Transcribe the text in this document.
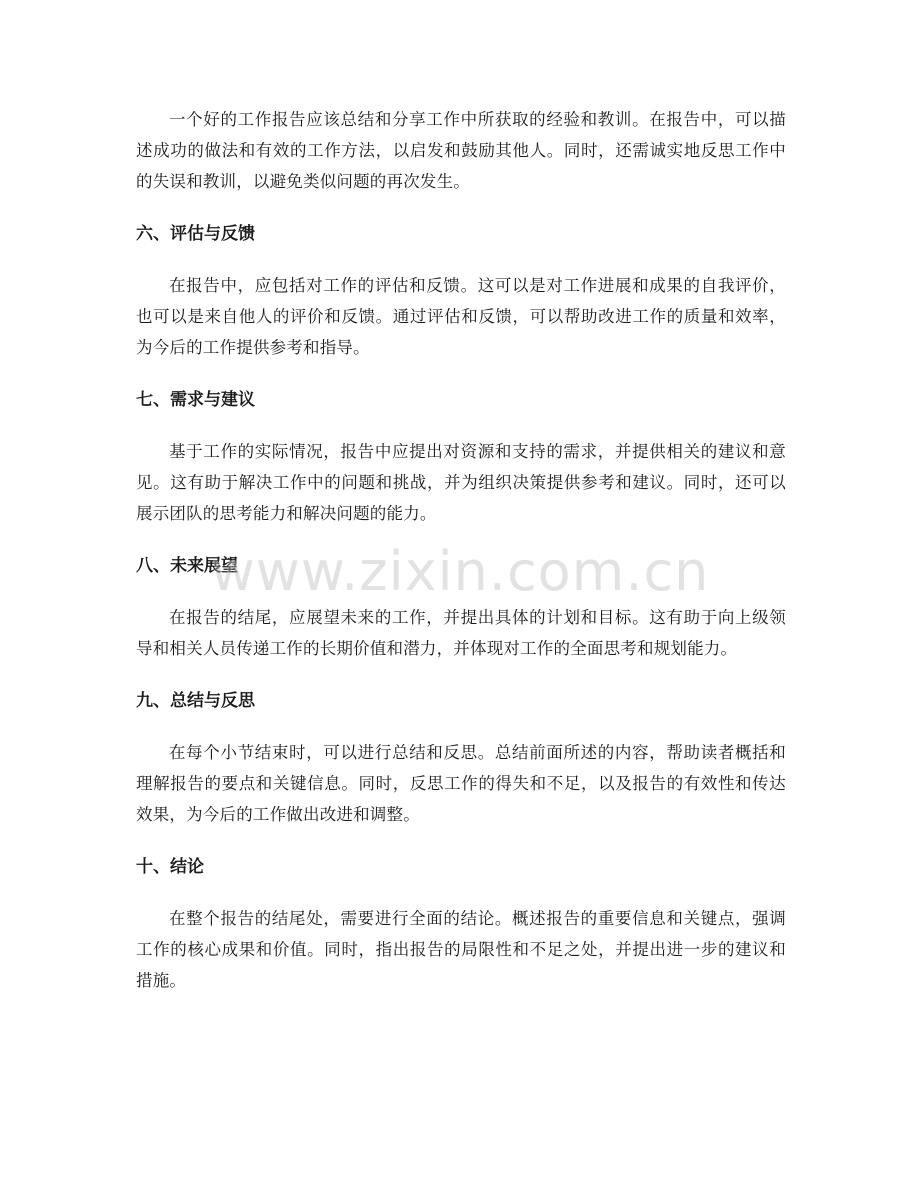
一个好的工作报告应该总结和分享工作中所获取的经验和教训。在报告中，可以描述成功的做法和有效的工作方法，以启发和鼓励其他人。同时，还需诚实地反思工作中的失误和教训，以避免类似问题的再次发生。

六、评估与反馈

在报告中，应包括对工作的评估和反馈。这可以是对工作进展和成果的自我评价，也可以是来自他人的评价和反馈。通过评估和反馈，可以帮助改进工作的质量和效率，为今后的工作提供参考和指导。

七、需求与建议

基于工作的实际情况，报告中应提出对资源和支持的需求，并提供相关的建议和意见。这有助于解决工作中的问题和挑战，并为组织决策提供参考和建议。同时，还可以展示团队的思考能力和解决问题的能力。

八、未来展望

在报告的结尾，应展望未来的工作，并提出具体的计划和目标。这有助于向上级领导和相关人员传递工作的长期价值和潜力，并体现对工作的全面思考和规划能力。

九、总结与反思

在每个小节结束时，可以进行总结和反思。总结前面所述的内容，帮助读者概括和理解报告的要点和关键信息。同时，反思工作的得失和不足，以及报告的有效性和传达效果，为今后的工作做出改进和调整。

十、结论

在整个报告的结尾处，需要进行全面的结论。概述报告的重要信息和关键点，强调工作的核心成果和价值。同时，指出报告的局限性和不足之处，并提出进一步的建议和措施。

www.zixin.com.cn
